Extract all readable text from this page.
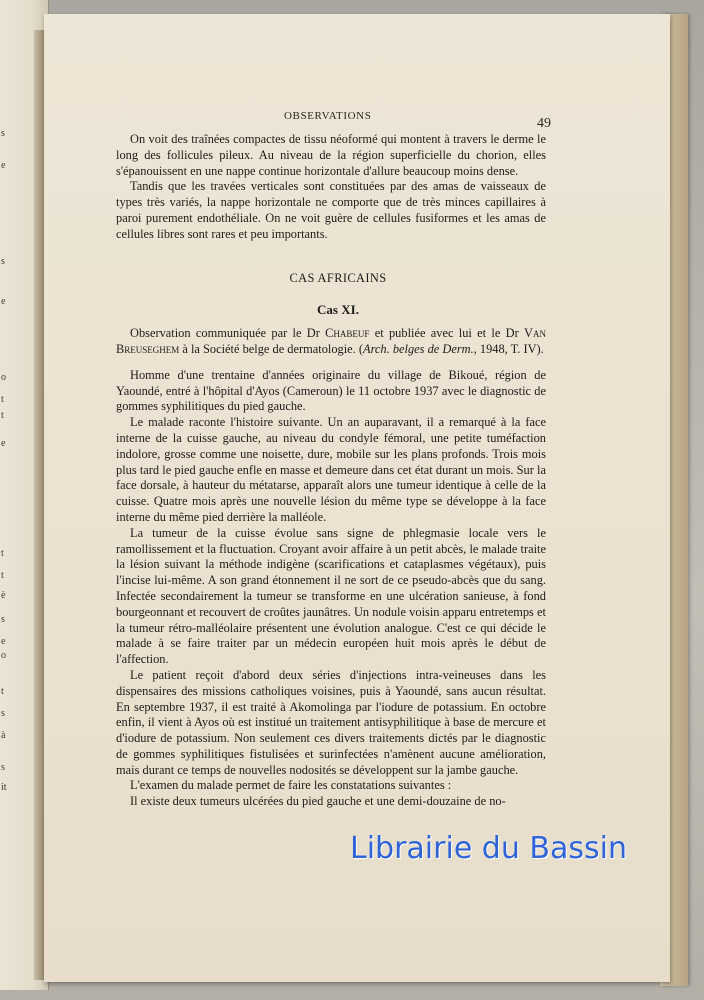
s
e
s
e
o
t
t
e
t
t
è
s
e
o
t
s
à
s
it
OBSERVATIONS	49

On voit des traînées compactes de tissu néoformé qui montent à travers le derme le long des follicules pileux. Au niveau de la région superficielle du chorion, elles s'épanouissent en une nappe continue horizontale d'allure beaucoup moins dense.

Tandis que les travées verticales sont constituées par des amas de vaisseaux de types très variés, la nappe horizontale ne comporte que de très minces capillaires à paroi purement endothéliale. On ne voit guère de cellules fusiformes et les amas de cellules libres sont rares et peu importants.

CAS AFRICAINS

Cas XI.

Observation communiquée par le Dr Chabeuf et publiée avec lui et le Dr Van Breuseghem à la Société belge de dermatologie. (Arch. belges de Derm., 1948, T. IV).

Homme d'une trentaine d'années originaire du village de Bikoué, région de Yaoundé, entré à l'hôpital d'Ayos (Cameroun) le 11 octobre 1937 avec le diagnostic de gommes syphilitiques du pied gauche.

Le malade raconte l'histoire suivante. Un an auparavant, il a remarqué à la face interne de la cuisse gauche, au niveau du condyle fémoral, une petite tuméfaction indolore, grosse comme une noisette, dure, mobile sur les plans profonds. Trois mois plus tard le pied gauche enfle en masse et demeure dans cet état durant un mois. Sur la face dorsale, à hauteur du métatarse, apparaît alors une tumeur identique à celle de la cuisse. Quatre mois après une nouvelle lésion du même type se développe à la face interne du même pied derrière la malléole.

La tumeur de la cuisse évolue sans signe de phlegmasie locale vers le ramollissement et la fluctuation. Croyant avoir affaire à un petit abcès, le malade traite la lésion suivant la méthode indigène (scarifications et cataplasmes végétaux), puis l'incise lui-même. A son grand étonnement il ne sort de ce pseudo-abcès que du sang. Infectée secondairement la tumeur se transforme en une ulcération sanieuse, à fond bourgeonnant et recouvert de croûtes jaunâtres. Un nodule voisin apparu entretemps et la tumeur rétro-malléolaire présentent une évolution analogue. C'est ce qui décide le malade à se faire traiter par un médecin européen huit mois après le début de l'affection.

Le patient reçoit d'abord deux séries d'injections intra-veineuses dans les dispensaires des missions catholiques voisines, puis à Yaoundé, sans aucun résultat. En septembre 1937, il est traité à Akomolinga par l'iodure de potassium. En octobre enfin, il vient à Ayos où est institué un traitement antisyphilitique à base de mercure et d'iodure de potassium. Non seulement ces divers traitements dictés par le diagnostic de gommes syphilitiques fistulisées et surinfectées n'amènent aucune amélioration, mais durant ce temps de nouvelles nodosités se développent sur la jambe gauche.

L'examen du malade permet de faire les constatations suivantes :

Il existe deux tumeurs ulcérées du pied gauche et une demi-douzaine de no-

Librairie du Bassin
